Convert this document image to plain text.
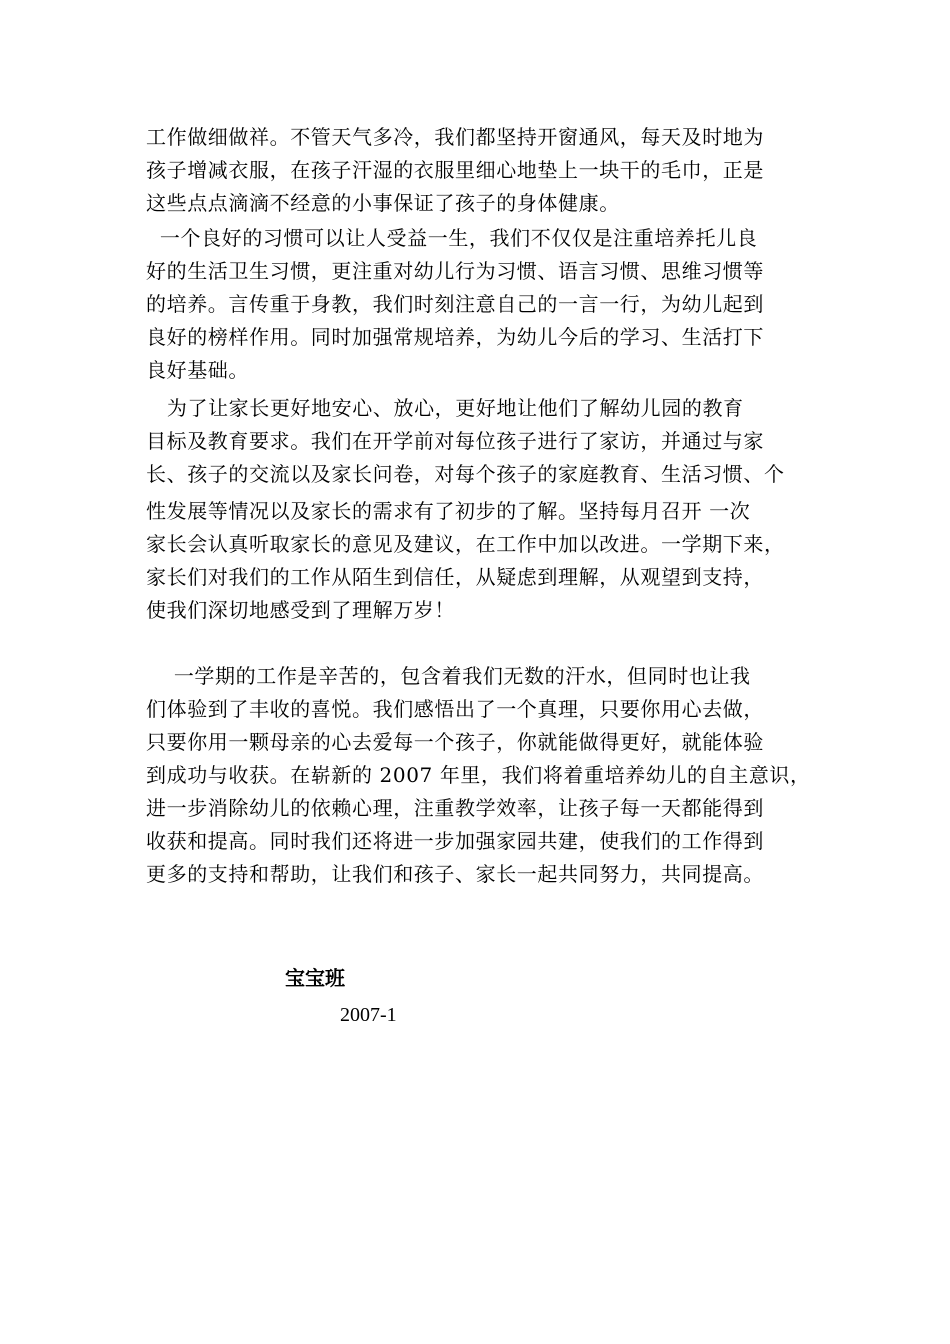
工作做细做祥。不管天气多冷，我们都坚持开窗通风，每天及时地为
孩子增减衣服，在孩子汗湿的衣服里细心地垫上一块干的毛巾，正是
这些点点滴滴不经意的小事保证了孩子的身体健康。
一个良好的习惯可以让人受益一生，我们不仅仅是注重培养托儿良
好的生活卫生习惯，更注重对幼儿行为习惯、语言习惯、思维习惯等
的培养。言传重于身教，我们时刻注意自己的一言一行，为幼儿起到
良好的榜样作用。同时加强常规培养，为幼儿今后的学习、生活打下
良好基础。
为了让家长更好地安心、放心，更好地让他们了解幼儿园的教育
目标及教育要求。我们在开学前对每位孩子进行了家访，并通过与家
长、孩子的交流以及家长问卷，对每个孩子的家庭教育、生活习惯、个
性发展等情况以及家长的需求有了初步的了解。坚持每月召开 一次
家长会认真听取家长的意见及建议，在工作中加以改进。一学期下来，
家长们对我们的工作从陌生到信任，从疑虑到理解，从观望到支持，
使我们深切地感受到了理解万岁！
一学期的工作是辛苦的，包含着我们无数的汗水，但同时也让我
们体验到了丰收的喜悦。我们感悟出了一个真理，只要你用心去做，
只要你用一颗母亲的心去爱每一个孩子，你就能做得更好，就能体验
到成功与收获。在崭新的 2007 年里，我们将着重培养幼儿的自主意识，
进一步消除幼儿的依赖心理，注重教学效率，让孩子每一天都能得到
收获和提高。同时我们还将进一步加强家园共建，使我们的工作得到
更多的支持和帮助，让我们和孩子、家长一起共同努力，共同提高。
宝宝班
2007-1
